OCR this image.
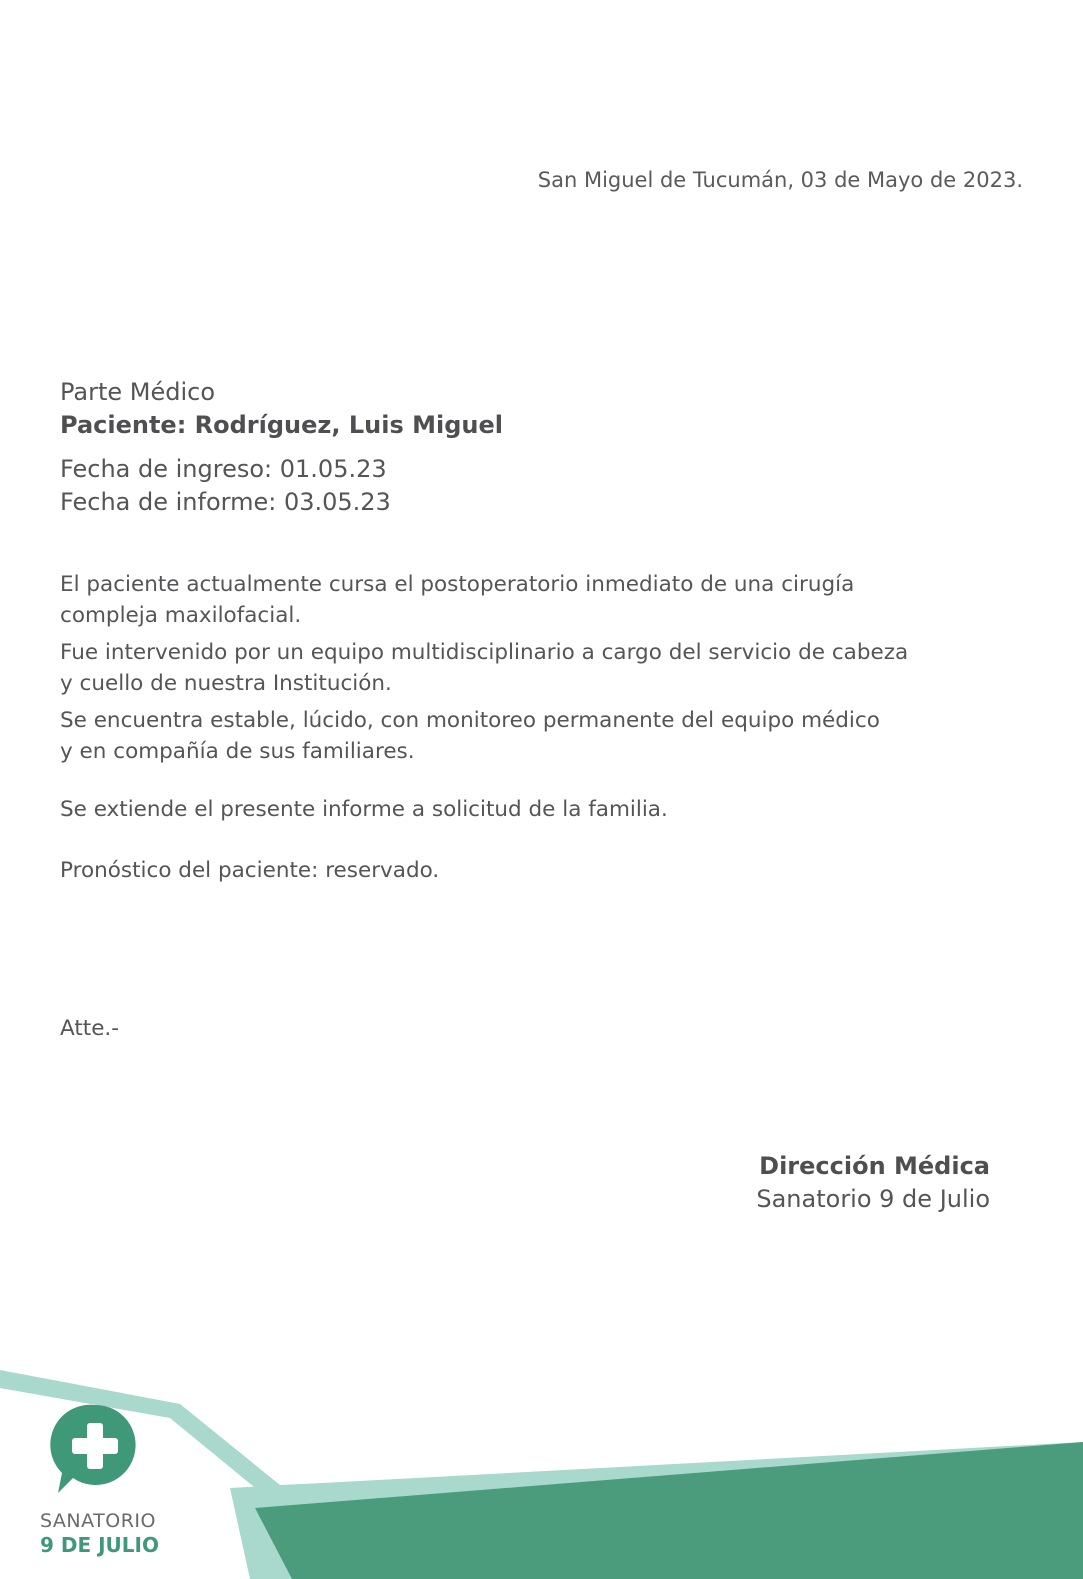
San Miguel de Tucumán, 03 de Mayo de 2023.
Parte Médico
Paciente: Rodríguez, Luis Miguel
Fecha de ingreso: 01.05.23
Fecha de informe: 03.05.23
El paciente actualmente cursa el postoperatorio inmediato de una cirugía
compleja maxilofacial.
Fue intervenido por un equipo multidisciplinario a cargo del servicio de cabeza
y cuello de nuestra Institución.
Se encuentra estable, lúcido, con monitoreo permanente del equipo médico
y en compañía de sus familiares.
Se extiende el presente informe a solicitud de la familia.
Pronóstico del paciente: reservado.
Atte.-
Dirección Médica
Sanatorio 9 de Julio
SANATORIO
9 DE JULIO
